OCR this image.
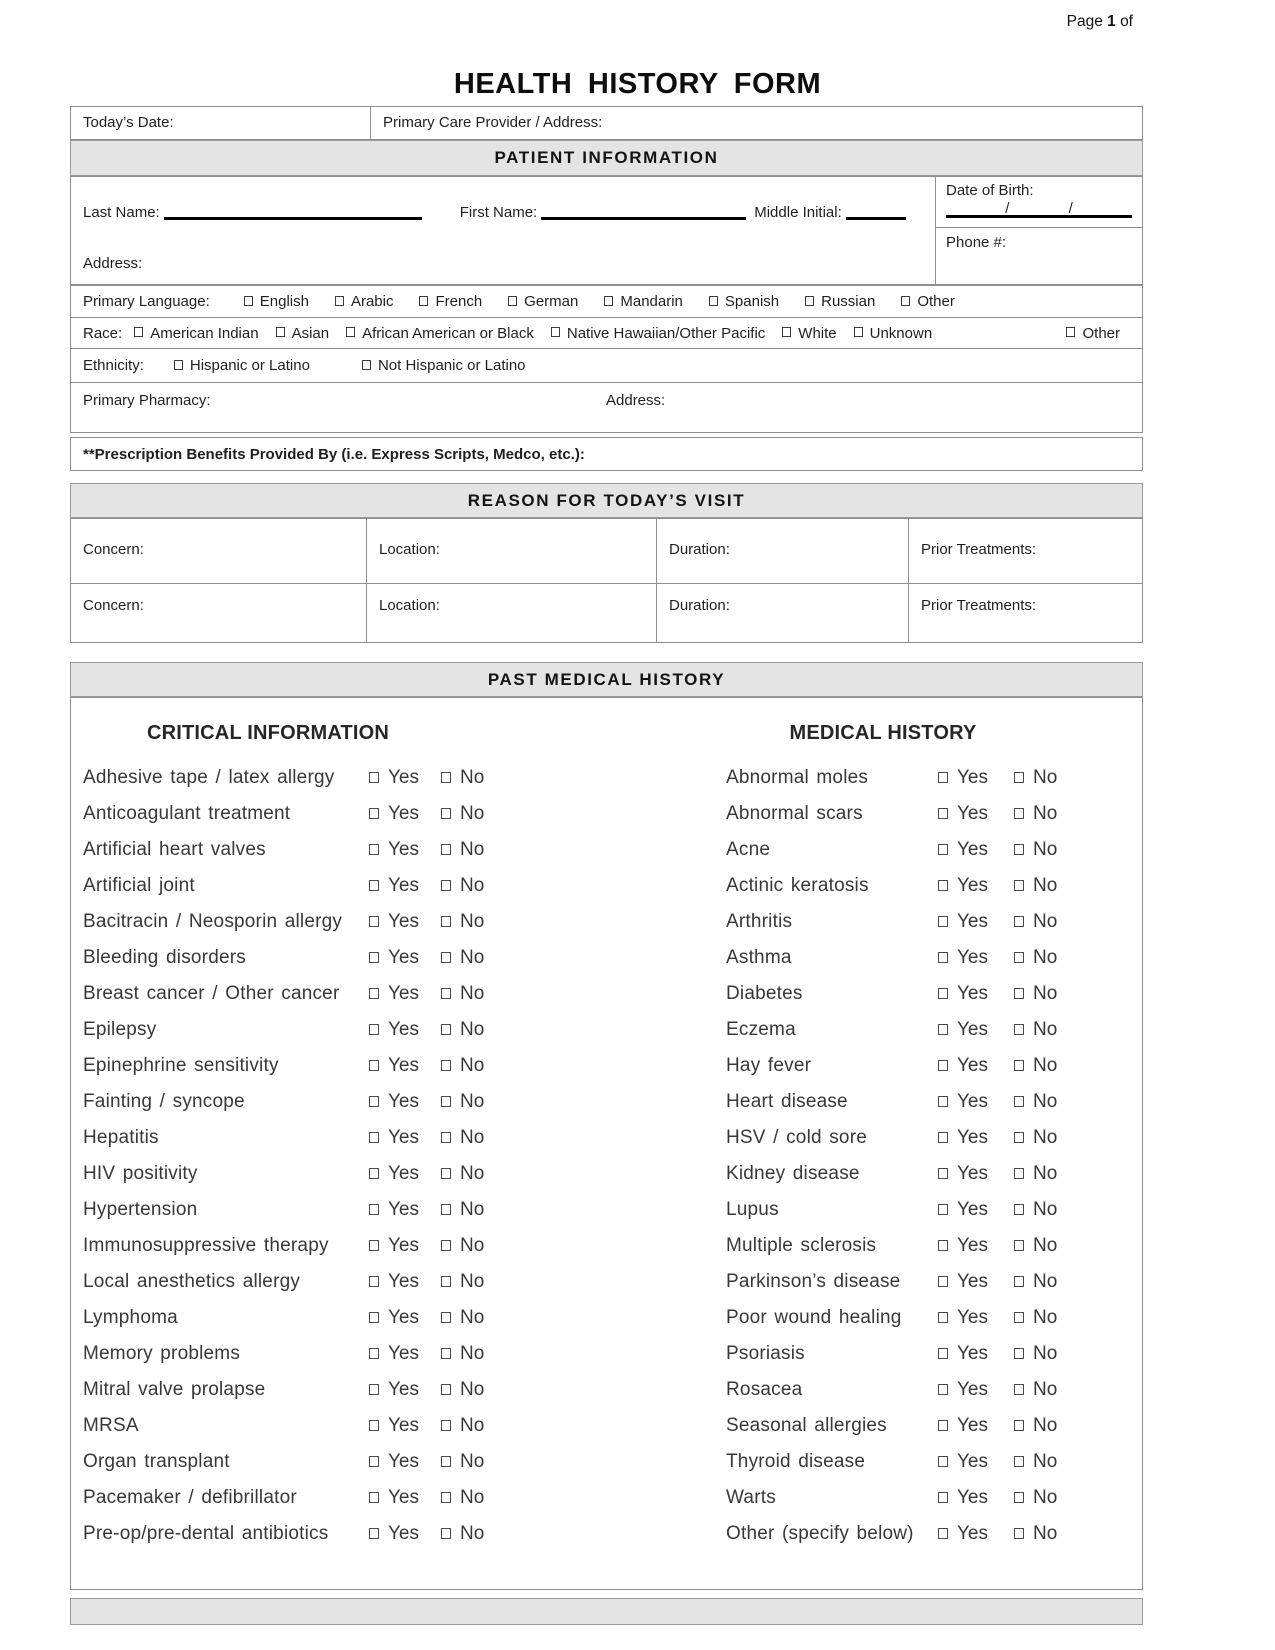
Page 1 of
HEALTH HISTORY FORM
Today’s Date:	Primary Care Provider / Address:
PATIENT INFORMATION
Last Name:	First Name:	Middle Initial:
Address:
Date of Birth:
/	/
Phone #:
Primary Language:	English	Arabic	French	German	Mandarin	Spanish	Russian	Other
Race: American Indian Asian African American or Black Native Hawaiian/Other Pacific White Unknown	Other
Ethnicity:	Hispanic or Latino	Not Hispanic or Latino
Primary Pharmacy:	Address:
**Prescription Benefits Provided By (i.e. Express Scripts, Medco, etc.):
REASON FOR TODAY’S VISIT
Concern:	Location:	Duration:	Prior Treatments:
Concern:	Location:	Duration:	Prior Treatments:
PAST MEDICAL HISTORY
CRITICAL INFORMATION	MEDICAL HISTORY
Adhesive tape / latex allergy	Yes No
Anticoagulant treatment	Yes No
Artificial heart valves	Yes No
Artificial joint	Yes No
Bacitracin / Neosporin allergy	Yes No
Bleeding disorders	Yes No
Breast cancer / Other cancer	Yes No
Epilepsy	Yes No
Epinephrine sensitivity	Yes No
Fainting / syncope	Yes No
Hepatitis	Yes No
HIV positivity	Yes No
Hypertension	Yes No
Immunosuppressive therapy	Yes No
Local anesthetics allergy	Yes No
Lymphoma	Yes No
Memory problems	Yes No
Mitral valve prolapse	Yes No
MRSA	Yes No
Organ transplant	Yes No
Pacemaker / defibrillator	Yes No
Pre-op/pre-dental antibiotics	Yes No
Abnormal moles	Yes No
Abnormal scars	Yes No
Acne	Yes No
Actinic keratosis	Yes No
Arthritis	Yes No
Asthma	Yes No
Diabetes	Yes No
Eczema	Yes No
Hay fever	Yes No
Heart disease	Yes No
HSV / cold sore	Yes No
Kidney disease	Yes No
Lupus	Yes No
Multiple sclerosis	Yes No
Parkinson’s disease	Yes No
Poor wound healing	Yes No
Psoriasis	Yes No
Rosacea	Yes No
Seasonal allergies	Yes No
Thyroid disease	Yes No
Warts	Yes No
Other (specify below)	Yes No
